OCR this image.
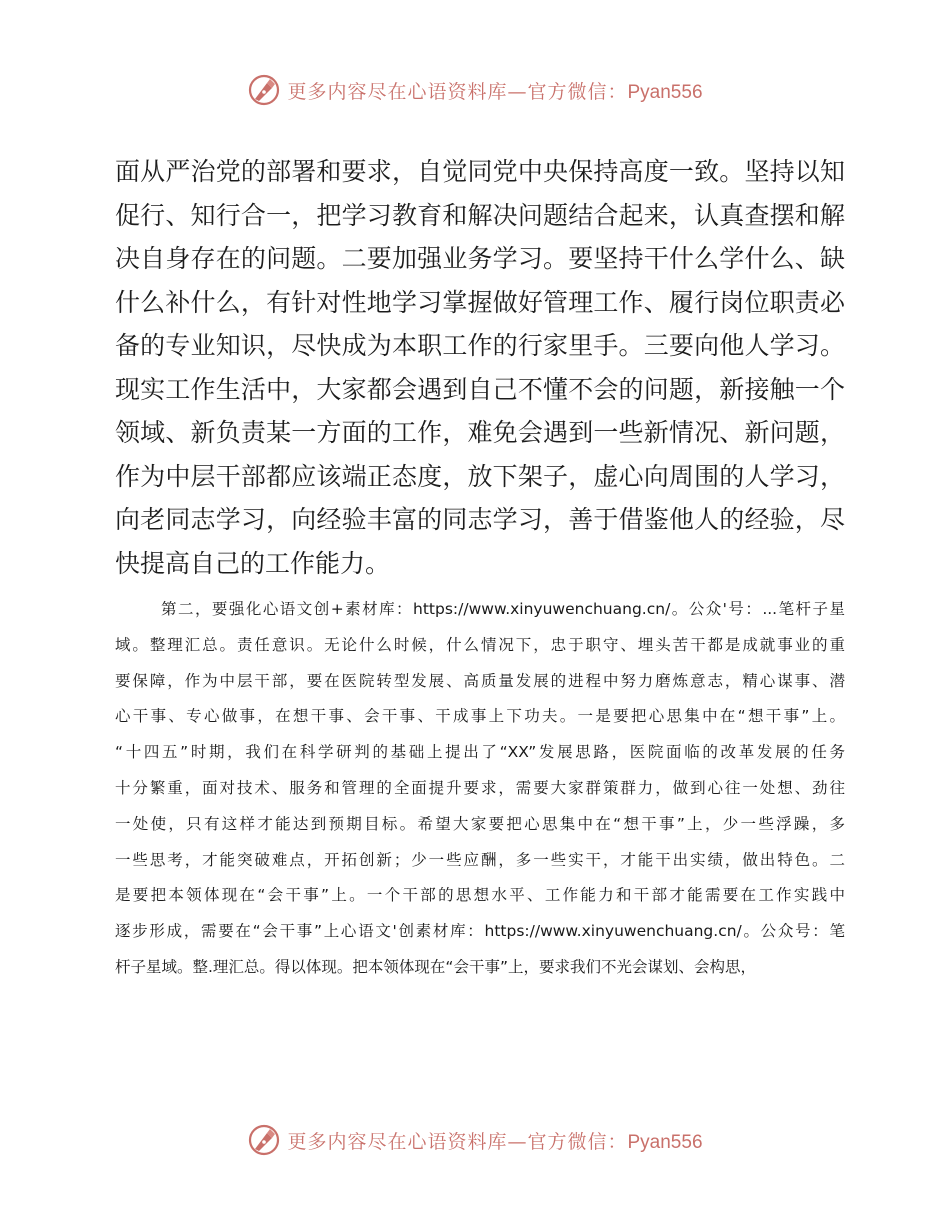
更多内容尽在心语资料库—官方微信：Pyan556
面从严治党的部署和要求，自觉同党中央保持高度一致。坚持以知
促行、知行合一，把学习教育和解决问题结合起来，认真查摆和解
决自身存在的问题。二要加强业务学习。要坚持干什么学什么、缺
什么补什么，有针对性地学习掌握做好管理工作、履行岗位职责必
备的专业知识，尽快成为本职工作的行家里手。三要向他人学习。
现实工作生活中，大家都会遇到自己不懂不会的问题，新接触一个
领域、新负责某一方面的工作，难免会遇到一些新情况、新问题，
作为中层干部都应该端正态度，放下架子，虚心向周围的人学习，
向老同志学习，向经验丰富的同志学习，善于借鉴他人的经验，尽
快提高自己的工作能力。
第二，要强化心语文创+素材库：https://www.xinyuwenchuang.cn/。公众'号：...笔杆子星
域。整理汇总。责任意识。无论什么时候，什么情况下，忠于职守、埋头苦干都是成就事业的重
要保障，作为中层干部，要在医院转型发展、高质量发展的进程中努力磨炼意志，精心谋事、潜
心干事、专心做事，在想干事、会干事、干成事上下功夫。一是要把心思集中在“想干事”上。
“十四五”时期，我们在科学研判的基础上提出了“XX”发展思路，医院面临的改革发展的任务
十分繁重，面对技术、服务和管理的全面提升要求，需要大家群策群力，做到心往一处想、劲往
一处使，只有这样才能达到预期目标。希望大家要把心思集中在“想干事”上，少一些浮躁，多
一些思考，才能突破难点，开拓创新；少一些应酬，多一些实干，才能干出实绩，做出特色。二
是要把本领体现在“会干事”上。一个干部的思想水平、工作能力和干部才能需要在工作实践中
逐步形成，需要在“会干事”上心语文'创素材库：https://www.xinyuwenchuang.cn/。公众号：笔
杆子星域。整.理汇总。得以体现。把本领体现在“会干事”上，要求我们不光会谋划、会构思，
更多内容尽在心语资料库—官方微信：Pyan556
